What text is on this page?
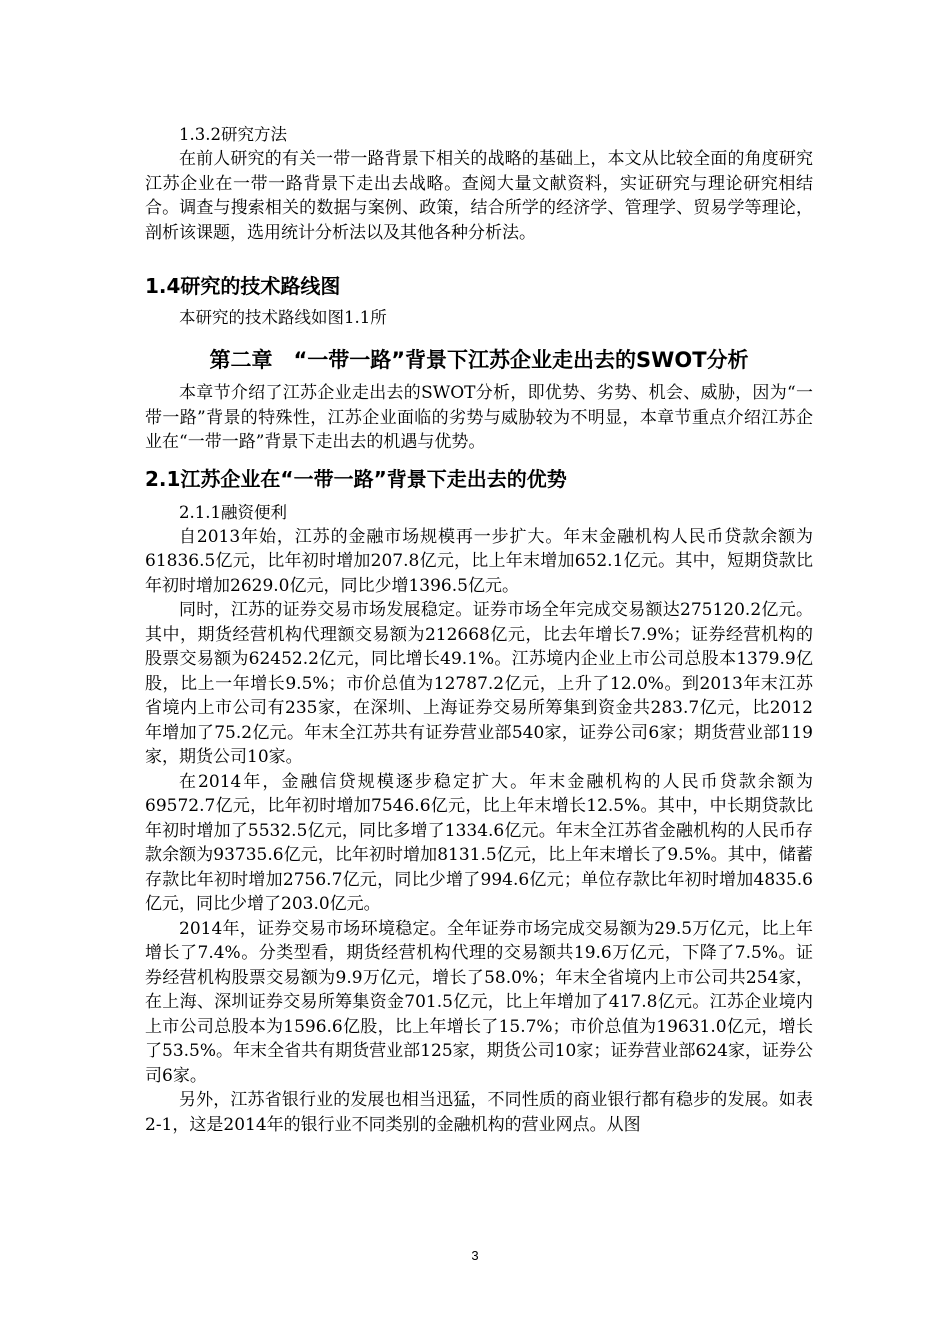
1.3.2研究方法

在前人研究的有关一带一路背景下相关的战略的基础上，本文从比较全面的角度研究江苏企业在一带一路背景下走出去战略。查阅大量文献资料，实证研究与理论研究相结合。调查与搜索相关的数据与案例、政策，结合所学的经济学、管理学、贸易学等理论，剖析该课题，选用统计分析法以及其他各种分析法。

1.4研究的技术路线图

本研究的技术路线如图1.1所

第二章　“一带一路”背景下江苏企业走出去的SWOT分析

本章节介绍了江苏企业走出去的SWOT分析，即优势、劣势、机会、威胁，因为“一带一路”背景的特殊性，江苏企业面临的劣势与威胁较为不明显，本章节重点介绍江苏企业在“一带一路”背景下走出去的机遇与优势。

2.1江苏企业在“一带一路”背景下走出去的优势

2.1.1融资便利

自2013年始，江苏的金融市场规模再一步扩大。年末金融机构人民币贷款余额为61836.5亿元，比年初时增加207.8亿元，比上年末增加652.1亿元。其中，短期贷款比年初时增加2629.0亿元，同比少增1396.5亿元。

同时，江苏的证券交易市场发展稳定。证券市场全年完成交易额达275120.2亿元。其中，期货经营机构代理额交易额为212668亿元，比去年增长7.9%；证券经营机构的股票交易额为62452.2亿元，同比增长49.1%。江苏境内企业上市公司总股本1379.9亿股，比上一年增长9.5%；市价总值为12787.2亿元，上升了12.0%。到2013年末江苏省境内上市公司有235家，在深圳、上海证券交易所筹集到资金共283.7亿元，比2012年增加了75.2亿元。年末全江苏共有证券营业部540家，证券公司6家；期货营业部119家，期货公司10家。

在2014年，金融信贷规模逐步稳定扩大。年末金融机构的人民币贷款余额为69572.7亿元，比年初时增加7546.6亿元，比上年末增长12.5%。其中，中长期贷款比年初时增加了5532.5亿元，同比多增了1334.6亿元。年末全江苏省金融机构的人民币存款余额为93735.6亿元，比年初时增加8131.5亿元，比上年末增长了9.5%。其中，储蓄存款比年初时增加2756.7亿元，同比少增了994.6亿元；单位存款比年初时增加4835.6亿元，同比少增了203.0亿元。

2014年，证券交易市场环境稳定。全年证券市场完成交易额为29.5万亿元，比上年增长了7.4%。分类型看，期货经营机构代理的交易额共19.6万亿元，下降了7.5%。证券经营机构股票交易额为9.9万亿元，增长了58.0%；年末全省境内上市公司共254家，在上海、深圳证券交易所筹集资金701.5亿元，比上年增加了417.8亿元。江苏企业境内上市公司总股本为1596.6亿股，比上年增长了15.7%；市价总值为19631.0亿元，增长了53.5%。年末全省共有期货营业部125家，期货公司10家；证券营业部624家，证券公司6家。

另外，江苏省银行业的发展也相当迅猛，不同性质的商业银行都有稳步的发展。如表2-1，这是2014年的银行业不同类别的金融机构的营业网点。从图

3
